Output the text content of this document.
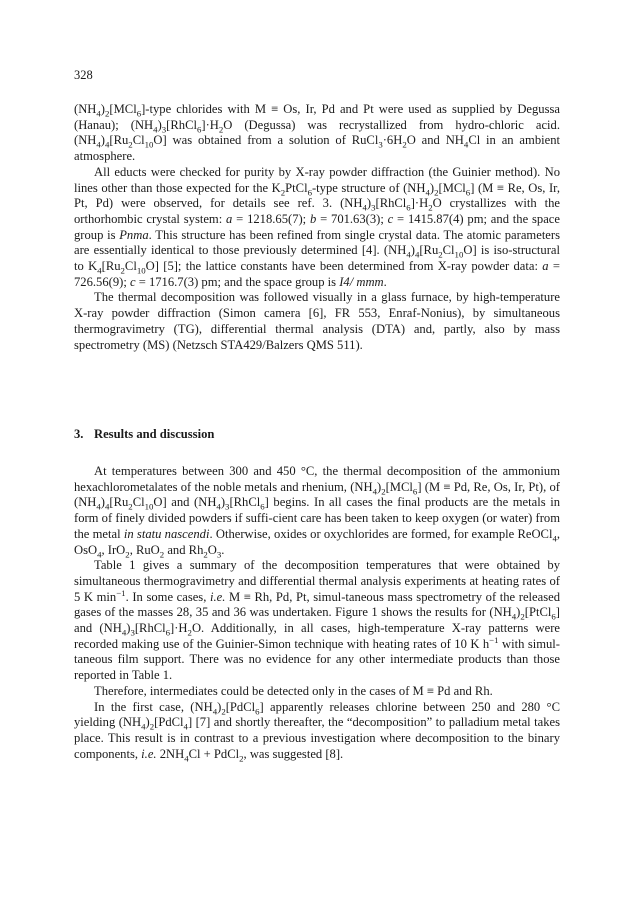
328

$(NH_4)_2[MCl_6]$-type chlorides with M ≡ Os, Ir, Pd and Pt were used as supplied by Degussa (Hanau); $(NH_4)_3[RhCl_6]\cdot H_2O$ (Degussa) was recrystallized from hydro-chloric acid. $(NH_4)_4[Ru_2Cl_{10}O]$ was obtained from a solution of $RuCl_3\cdot 6H_2O$ and $NH_4Cl$ in an ambient atmosphere.

All educts were checked for purity by X-ray powder diffraction (the Guinier method). No lines other than those expected for the $K_2PtCl_6$-type structure of $(NH_4)_2[MCl_6] (M \equiv Re$, Os, Ir, Pt, Pd) were observed, for details see ref. 3. $(NH_4)_3[RhCl_6]\cdot H_2O$ crystallizes with the orthorhombic crystal system: a = 1218.65(7); b = 701.63(3); c = 1415.87(4) pm; and the space group is Pnma. This structure has been refined from single crystal data. The atomic parameters are essentially identical to those previously determined [4]. $(NH_4)_4[Ru_2Cl_{10}O]$ is iso-structural to $K_4[Ru_2Cl_{10}O]$ [5]; the lattice constants have been determined from X-ray powder data: a = 726.56(9); c = 1716.7(3) pm; and the space group is I4/ mmm.

The thermal decomposition was followed visually in a glass furnace, by high-temperature X-ray powder diffraction (Simon camera [6], FR 553, Enraf-Nonius), by simultaneous thermogravimetry (TG), differential thermal analysis (DTA) and, partly, also by mass spectrometry (MS) (Netzsch STA429/Balzers QMS 511).

3. Results and discussion

At temperatures between 300 and 450 °C, the thermal decomposition of the ammonium hexachlorometalates of the noble metals and rhenium, $(NH_4)_2[MCl_6] (M \equiv Pd$, Re, Os, Ir, Pt), of $(NH_4)_4[Ru_2Cl_{10}O]$ and $(NH_4)_3[RhCl_6]$ begins. In all cases the final products are the metals in form of finely divided powders if suffi-cient care has been taken to keep oxygen (or water) from the metal in statu nascendi. Otherwise, oxides or oxychlorides are formed, for example ReOCl$_4$, OsO$_4$, IrO$_2$, RuO$_2$ and $Rh_2O_3$.

Table 1 gives a summary of the decomposition temperatures that were obtained by simultaneous thermogravimetry and differential thermal analysis experiments at heating rates of 5 K $\min^{-1}$. In some cases, i.e. M ≡ Rh, Pd, Pt, simul-taneous mass spectrometry of the released gases of the masses 28, 35 and 36 was undertaken. Figure 1 shows the results for $(NH_4)_2[PtCl_6]$ and $(NH_4)_3[RhCl_6]\cdot H_2O$. Additionally, in all cases, high-temperature X-ray patterns were recorded making use of the Guinier-Simon technique with heating rates of 10 K $h^{-1}$ with simul-taneous film support. There was no evidence for any other intermediate products than those reported in Table 1.

Therefore, intermediates could be detected only in the cases of M ≡ Pd and Rh.

In the first case, $(NH_4)_2[PdCl_6]$ apparently releases chlorine between 250 and 280 °C yielding $(NH_4)_2[PdCl_4]$ [7] and shortly thereafter, the “decomposition” to palladium metal takes place. This result is in contrast to a previous investigation where decomposition to the binary components, i.e. $2NH_4Cl$ + PdCl$_2$, was suggested [8].
